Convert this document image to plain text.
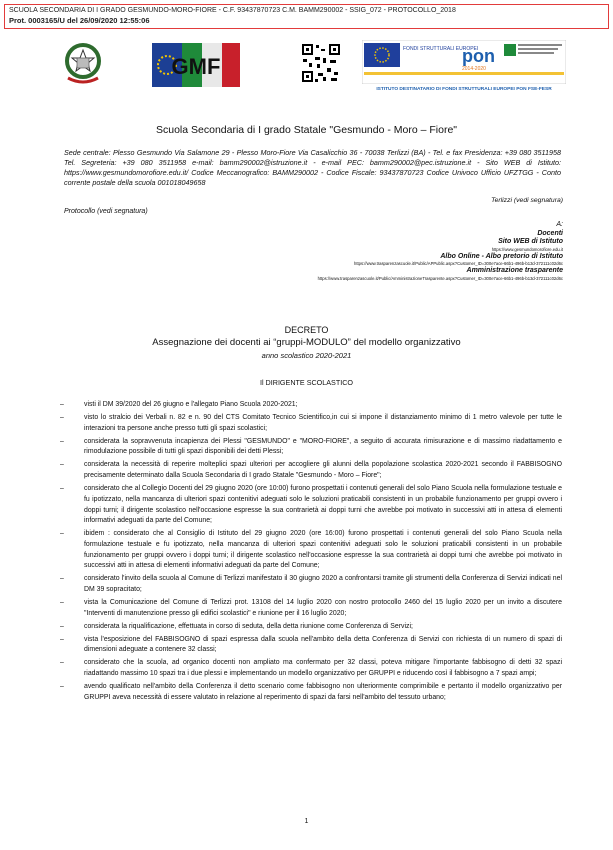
SCUOLA SECONDARIA DI I GRADO GESMUNDO-MORO-FIORE - C.F. 93437870723 C.M. BAMM290002 - SSIG_072 - PROTOCOLLO_2018
Prot. 0003165/U del 26/09/2020 12:55:06
GMF
FONDI STRUTTURALI EUROPEI
pon
2014-2020
ISTITUTO DESTINATARIO DI FONDI STRUTTURALI EUROPEI PON FSE-FESR
Scuola Secondaria di I grado Statale "Gesmundo - Moro – Fiore"
Sede centrale: Plesso Gesmundo Via Salamone 29 - Plesso Moro-Fiore Via Casalicchio 36 - 70038 Terlizzi (BA) - Tel. e fax Presidenza: +39 080 3511958 Tel. Segreteria: +39 080 3511958 e-mail: bamm290002@istruzione.it - e-mail PEC: bamm290002@pec.istruzione.it - Sito WEB di Istituto: https://www.gesmundomorofiore.edu.it/ Codice Meccanografico: BAMM290002 - Codice Fiscale: 93437870723 Codice Univoco Ufficio UFZTGG - Conto corrente postale della scuola 001018049658
Terlizzi (vedi segnatura)
Protocollo (vedi segnatura)
A:
Docenti
Sito WEB di Istituto
https://www.gesmundomorofiore.edu.it
Albo Online - Albo pretorio di Istituto
https://www.trasparenzascuole.it/Public/APPublic.aspx?Customer_ID=300e7ace-66b1-496b-b13d-372111c02d6c
Amministrazione trasparente
https://www.trasparenzascuole.it/Public/AmministrazioneTrasparente.aspx?Customer_ID=300e7ace-66b1-496b-b13d-372111c02d6c
DECRETO
Assegnazione dei docenti ai “gruppi-MODULO” del modello organizzativo
anno scolastico 2020-2021
Il DIRIGENTE SCOLASTICO
–	visti il DM 39/2020 del 26 giugno e l'allegato Piano Scuola 2020-2021;
–	visto lo stralcio dei Verbali n. 82 e n. 90 del CTS Comitato Tecnico Scientifico,in cui si impone il distanziamento minimo di 1 metro valevole per tutte le interazioni tra persone anche presso tutti gli spazi scolastici;
–	considerata la sopravvenuta incapienza dei Plessi "GESMUNDO" e "MORO-FIORE", a seguito di accurata rimisurazione e di massimo riadattamento e rimodulazione possibile di tutti gli spazi disponibili dei detti Plessi;
–	considerata la necessità di reperire molteplici spazi ulteriori per accogliere gli alunni della popolazione scolastica 2020-2021 secondo il FABBISOGNO precisamente determinato dalla Scuola Secondaria di I grado Statale "Gesmundo - Moro – Fiore";
–	considerato che al Collegio Docenti del 29 giugno 2020 (ore 10:00) furono prospettati i contenuti generali del solo Piano Scuola nella formulazione testuale e fu ipotizzato, nella mancanza di ulteriori spazi contenitivi adeguati solo le soluzioni praticabili consistenti in un probabile funzionamento per gruppi ovvero i doppi turni; il dirigente scolastico nell'occasione espresse la sua contrarietà ai doppi turni che avrebbe poi motivato in successivi atti in attesa di elementi informativi adeguati da parte del Comune;
–	ibidem : considerato che al Consiglio di Istituto del 29 giugno 2020 (ore 16:00) furono prospettati i contenuti generali del solo Piano Scuola nella formulazione testuale e fu ipotizzato, nella mancanza di ulteriori spazi contenitivi adeguati solo le soluzioni praticabili consistenti in un probabile funzionamento per gruppi ovvero i doppi turni; il dirigente scolastico nell'occasione espresse la sua contrarietà ai doppi turni che avrebbe poi motivato in successivi atti in attesa di elementi informativi adeguati da parte del Comune;
–	considerato l'invito della scuola al Comune di Terlizzi manifestato il 30 giugno 2020 a confrontarsi tramite gli strumenti della Conferenza di Servizi indicati nel DM 39 sopracitato;
–	vista la Comunicazione del Comune di Terlizzi prot. 13108 del 14 luglio 2020 con nostro protocollo 2460 del 15 luglio 2020 per un invito a discutere "Interventi di manutenzione presso gli edifici scolastici" e riunione per il 16 luglio 2020;
–	considerata la riqualificazione, effettuata in corso di seduta, della detta riunione come Conferenza di Servizi;
–	vista l'esposizione del FABBISOGNO di spazi espressa dalla scuola nell'ambito della detta Conferenza di Servizi con richiesta di un numero di spazi di dimensioni adeguate a contenere 32 classi;
–	considerato che la scuola, ad organico docenti non ampliato ma confermato per 32 classi, poteva mitigare l'importante fabbisogno di detti 32 spazi riadattando massimo 10 spazi tra i due plessi e implementando un modello organizzativo per GRUPPI e riducendo così il fabbisogno a 7 spazi ampi;
–	avendo qualificato nell'ambito della Conferenza il detto scenario come fabbisogno non ulteriormente comprimibile e pertanto il modello organizzativo per GRUPPI aveva necessità di essere valutato in relazione al reperimento di spazi da farsi nell'ambito del tessuto urbano;
1
